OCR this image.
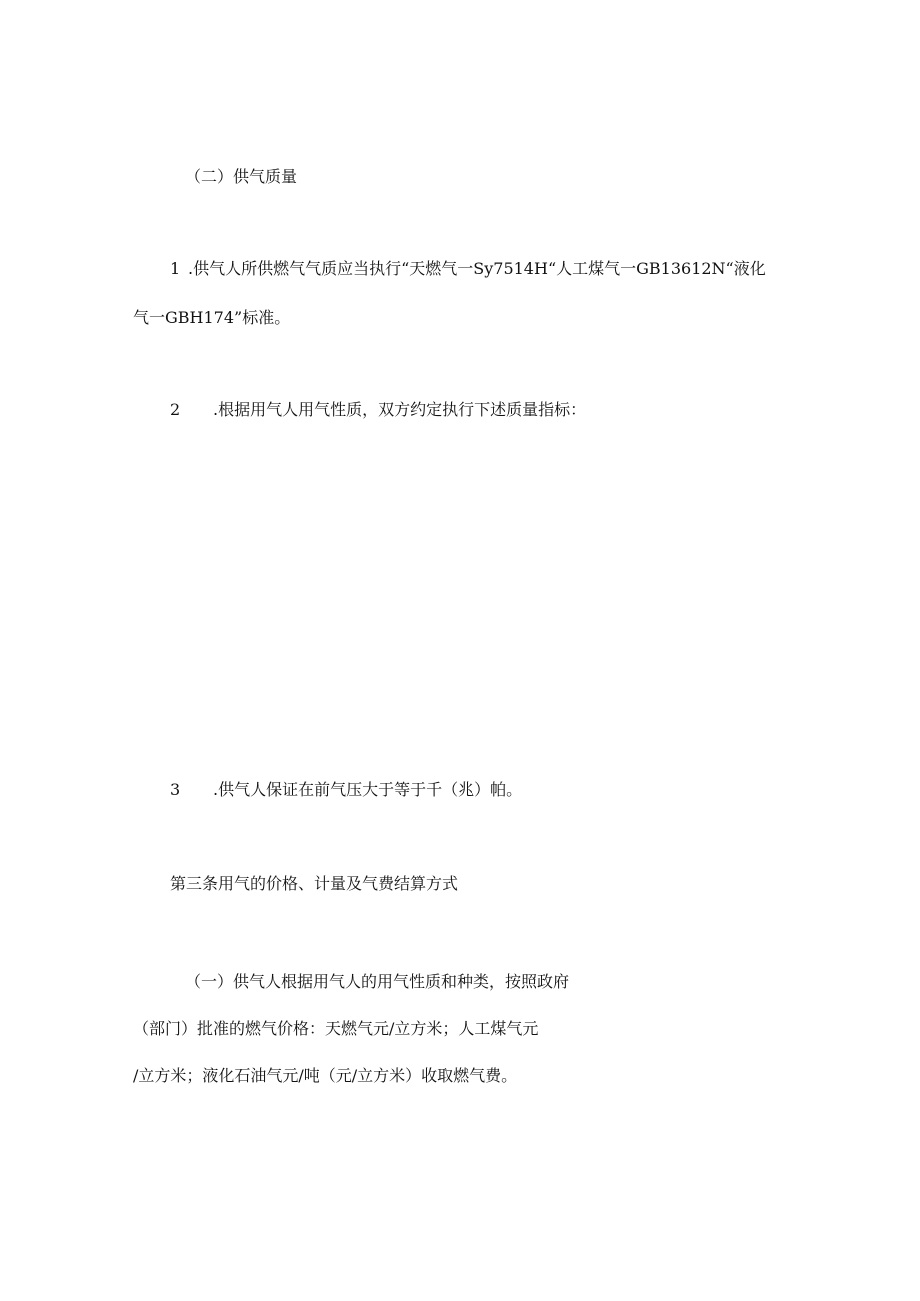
（二）供气质量
1 .供气人所供燃气气质应当执行“天燃气一Sy7514H“人工煤气一GB13612N“液化
气一GBH174”标准。
2 .根据用气人用气性质，双方约定执行下述质量指标：
3 .供气人保证在前气压大于等于千（兆）帕。
第三条用气的价格、计量及气费结算方式
（一）供气人根据用气人的用气性质和种类，按照政府
（部门）批准的燃气价格：天燃气元/立方米；人工煤气元
/立方米；液化石油气元/吨（元/立方米）收取燃气费。
